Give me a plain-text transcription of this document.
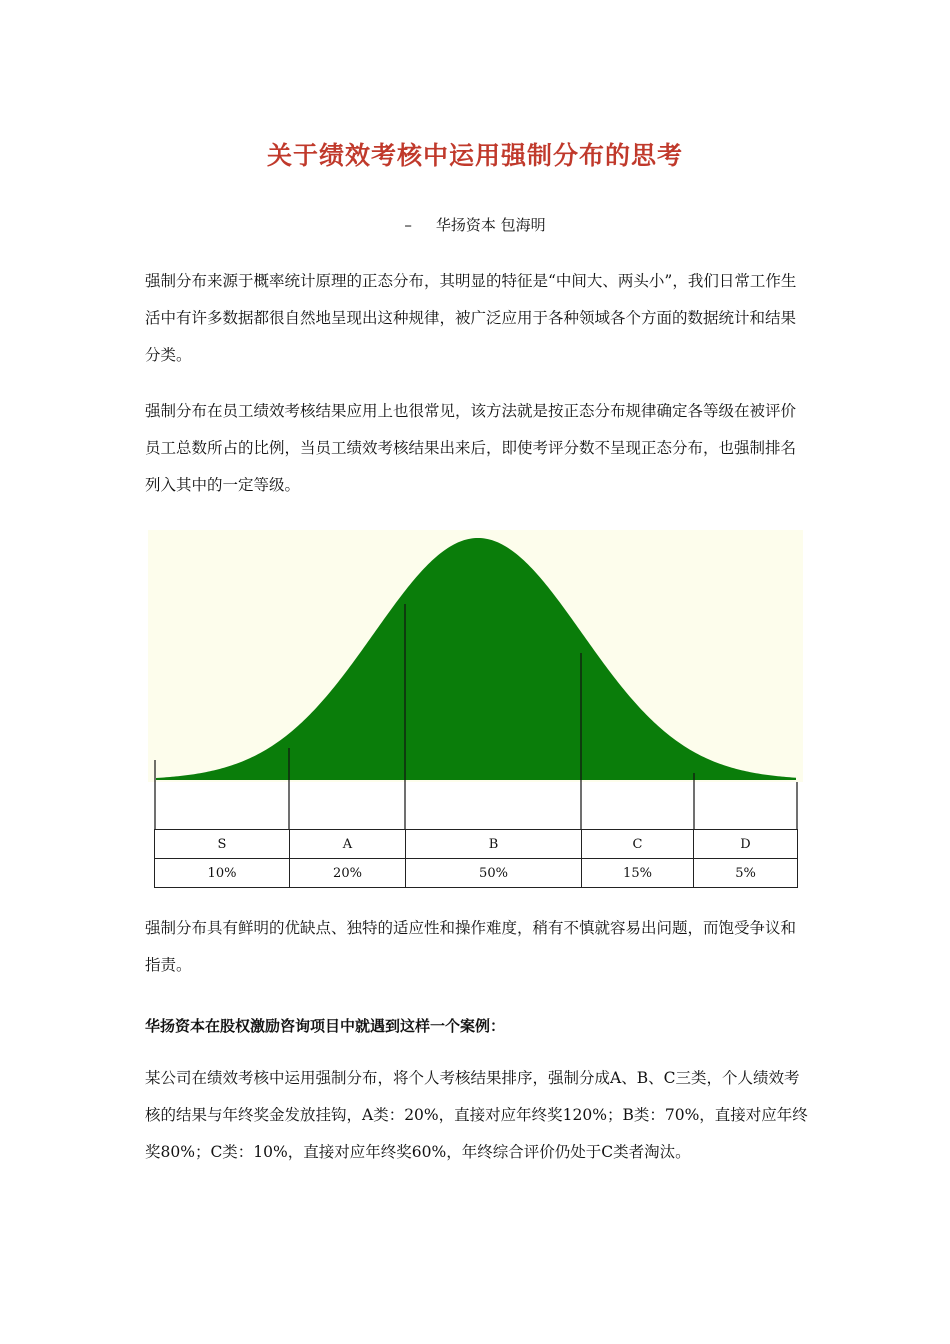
关于绩效考核中运用强制分布的思考
– 华扬资本 包海明

强制分布来源于概率统计原理的正态分布，其明显的特征是“中间大、两头小”，我们日常工作生活中有许多数据都很自然地呈现出这种规律，被广泛应用于各种领域各个方面的数据统计和结果分类。

强制分布在员工绩效考核结果应用上也很常见，该方法就是按正态分布规律确定各等级在被评价员工总数所占的比例，当员工绩效考核结果出来后，即使考评分数不呈现正态分布，也强制排名列入其中的一定等级。

S	A	B	C	D
10%	20%	50%	15%	5%

强制分布具有鲜明的优缺点、独特的适应性和操作难度，稍有不慎就容易出问题，而饱受争议和指责。

华扬资本在股权激励咨询项目中就遇到这样一个案例：

某公司在绩效考核中运用强制分布，将个人考核结果排序，强制分成A、B、C三类，个人绩效考核的结果与年终奖金发放挂钩，A类：20%，直接对应年终奖120%；B类：70%，直接对应年终奖80%；C类：10%，直接对应年终奖60%，年终综合评价仍处于C类者淘汰。
